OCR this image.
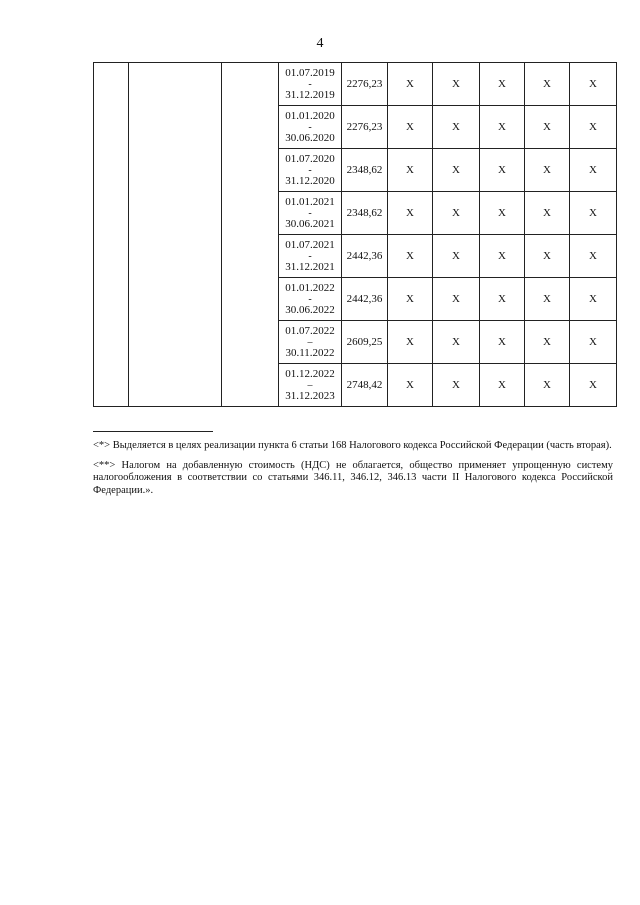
4

			01.07.2019
-
31.12.2019	2276,23	X	X	X	X	X

			01.01.2020
-
30.06.2020	2276,23	X	X	X	X	X

			01.07.2020
-
31.12.2020	2348,62	X	X	X	X	X

			01.01.2021
-
30.06.2021	2348,62	X	X	X	X	X

			01.07.2021
-
31.12.2021	2442,36	X	X	X	X	X

			01.01.2022
-
30.06.2022	2442,36	X	X	X	X	X

			01.07.2022
–
30.11.2022	2609,25	X	X	X	X	X

			01.12.2022
–
31.12.2023	2748,42	X	X	X	X	X

<*> Выделяется в целях реализации пункта 6 статьи 168 Налогового кодекса Российской Федерации (часть вторая).

<**> Налогом на добавленную стоимость (НДС) не облагается, общество применяет упрощенную систему налогообложения в соответствии со статьями 346.11, 346.12, 346.13 части II Налогового кодекса Российской Федерации.».
